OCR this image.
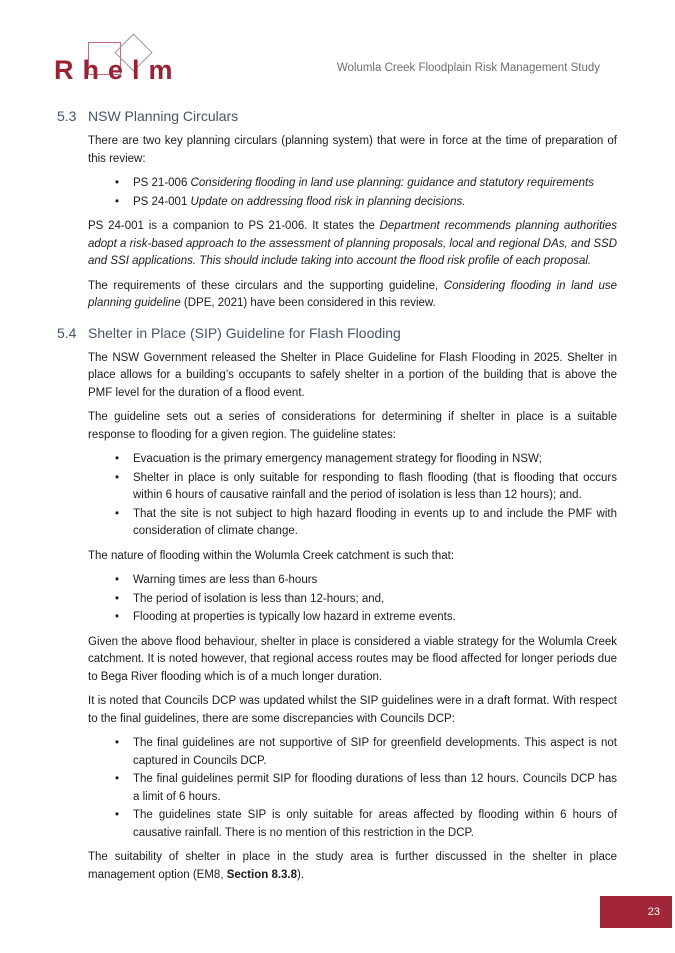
R h e l m	Wolumla Creek Floodplain Risk Management Study
5.3 NSW Planning Circulars

There are two key planning circulars (planning system) that were in force at the time of preparation of this review:

• PS 21-006 Considering flooding in land use planning: guidance and statutory requirements
• PS 24-001 Update on addressing flood risk in planning decisions.

PS 24-001 is a companion to PS 21-006. It states the Department recommends planning authorities adopt a risk-based approach to the assessment of planning proposals, local and regional DAs, and SSD and SSI applications. This should include taking into account the flood risk profile of each proposal.

The requirements of these circulars and the supporting guideline, Considering flooding in land use planning guideline (DPE, 2021) have been considered in this review.

5.4 Shelter in Place (SIP) Guideline for Flash Flooding

The NSW Government released the Shelter in Place Guideline for Flash Flooding in 2025. Shelter in place allows for a building’s occupants to safely shelter in a portion of the building that is above the PMF level for the duration of a flood event.

The guideline sets out a series of considerations for determining if shelter in place is a suitable response to flooding for a given region. The guideline states:

• Evacuation is the primary emergency management strategy for flooding in NSW;
• Shelter in place is only suitable for responding to flash flooding (that is flooding that occurs within 6 hours of causative rainfall and the period of isolation is less than 12 hours); and.
• That the site is not subject to high hazard flooding in events up to and include the PMF with consideration of climate change.

The nature of flooding within the Wolumla Creek catchment is such that:

• Warning times are less than 6-hours
• The period of isolation is less than 12-hours; and,
• Flooding at properties is typically low hazard in extreme events.

Given the above flood behaviour, shelter in place is considered a viable strategy for the Wolumla Creek catchment. It is noted however, that regional access routes may be flood affected for longer periods due to Bega River flooding which is of a much longer duration.

It is noted that Councils DCP was updated whilst the SIP guidelines were in a draft format. With respect to the final guidelines, there are some discrepancies with Councils DCP:

• The final guidelines are not supportive of SIP for greenfield developments. This aspect is not captured in Councils DCP.
• The final guidelines permit SIP for flooding durations of less than 12 hours. Councils DCP has a limit of 6 hours.
• The guidelines state SIP is only suitable for areas affected by flooding within 6 hours of causative rainfall. There is no mention of this restriction in the DCP.

The suitability of shelter in place in the study area is further discussed in the shelter in place management option (EM8, Section 8.3.8).

23
